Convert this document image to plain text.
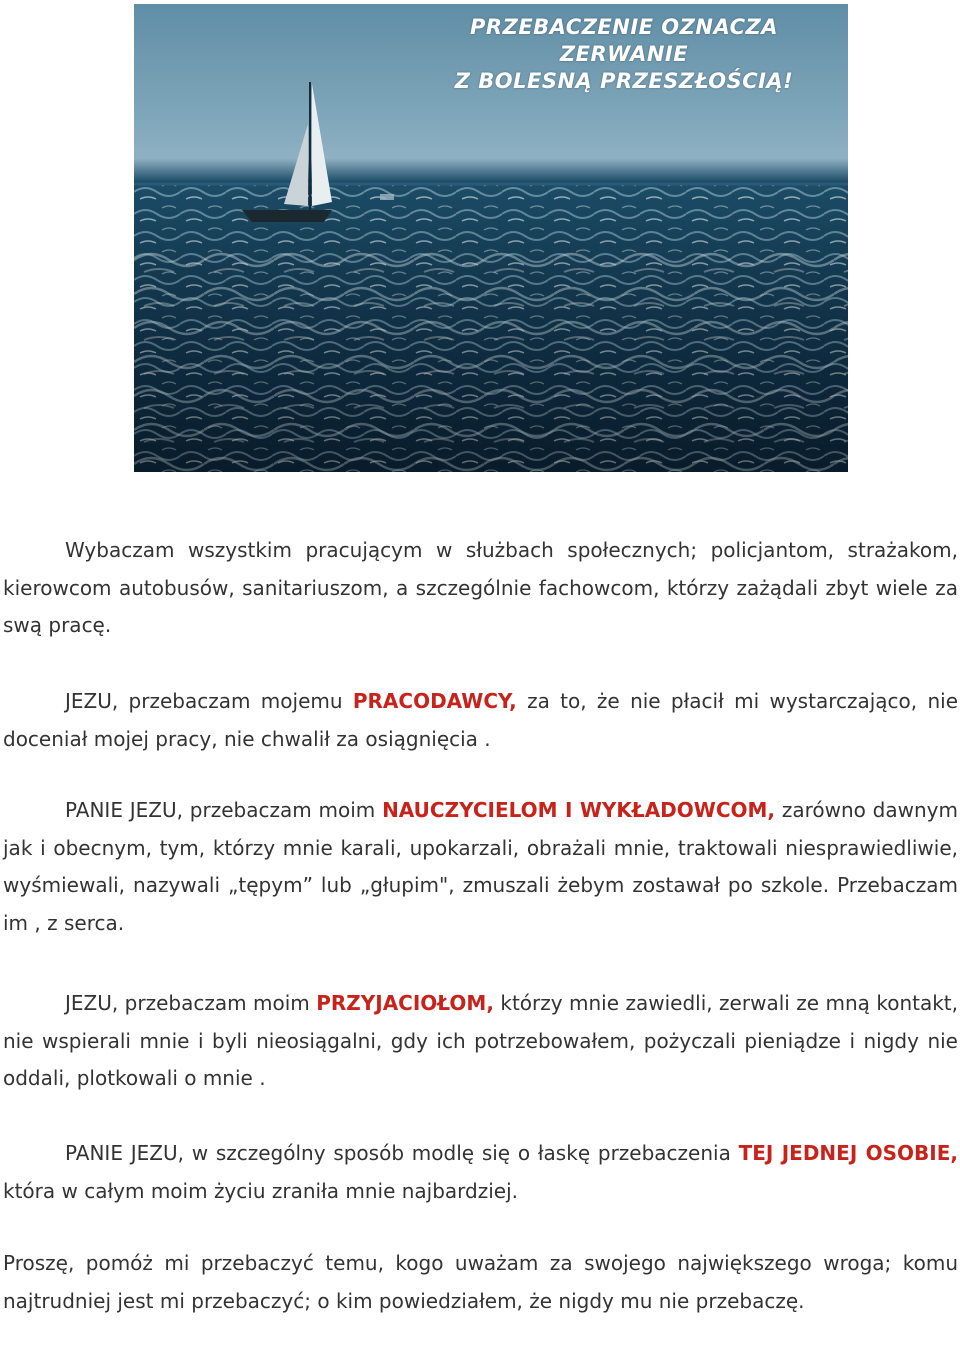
PRZEBACZENIE OZNACZA ZERWANIE
Z BOLESNĄ PRZESZŁOŚCIĄ!

Wybaczam wszystkim pracującym w służbach społecznych; policjantom, strażakom, kierowcom autobusów, sanitariuszom, a szczególnie fachowcom, którzy zażądali zbyt wiele za swą pracę.

JEZU, przebaczam mojemu PRACODAWCY, za to, że nie płacił mi wystarczająco, nie doceniał mojej pracy, nie chwalił za osiągnięcia .

PANIE JEZU, przebaczam moim NAUCZYCIELOM I WYKŁADOWCOM, zarówno dawnym jak i obecnym, tym, którzy mnie karali, upokarzali, obrażali mnie, traktowali niesprawiedliwie, wyśmiewali, nazywali „tępym” lub „głupim", zmuszali żebym zostawał po szkole. Przebaczam im , z serca.

JEZU, przebaczam moim PRZYJACIOŁOM, którzy mnie zawiedli, zerwali ze mną kontakt, nie wspierali mnie i byli nieosiągalni, gdy ich potrzebowałem, pożyczali pieniądze i nigdy nie oddali, plotkowali o mnie .

PANIE JEZU, w szczególny sposób modlę się o łaskę przebaczenia TEJ JEDNEJ OSOBIE, która w całym moim życiu zraniła mnie najbardziej.

Proszę, pomóż mi przebaczyć temu, kogo uważam za swojego największego wroga; komu najtrudniej jest mi przebaczyć; o kim powiedziałem, że nigdy mu nie przebaczę.
